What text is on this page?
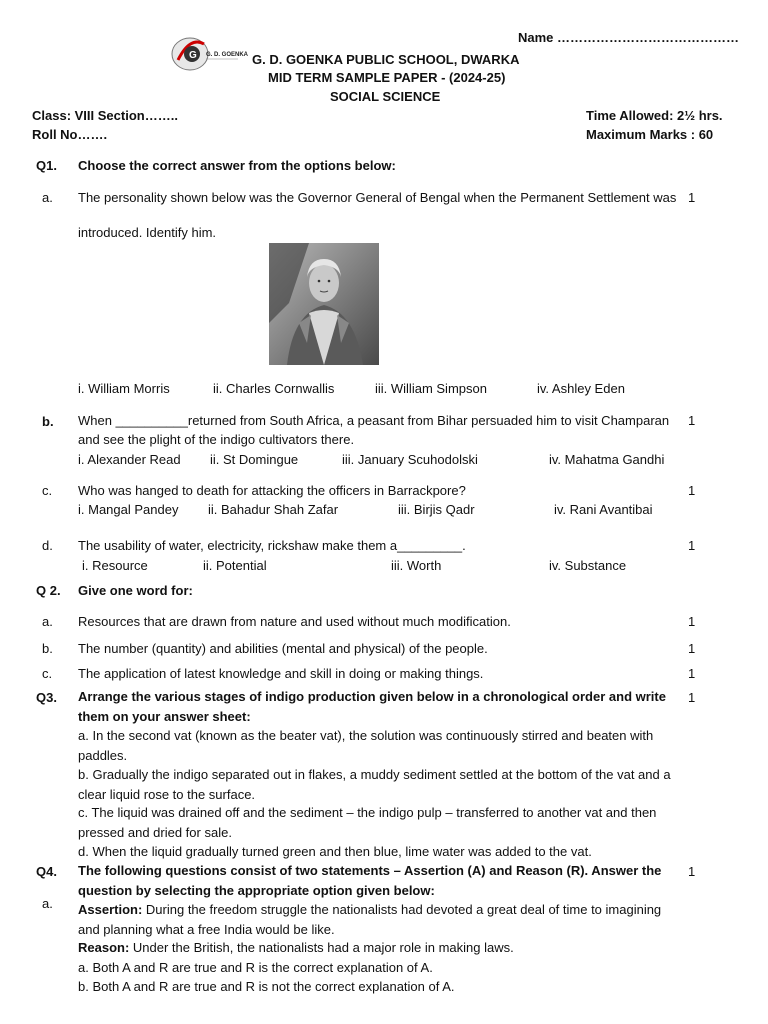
Name ……………………………………
G G. D. GOENKA G. D. GOENKA PUBLIC SCHOOL, DWARKA
MID TERM SAMPLE PAPER - (2024-25)
SOCIAL SCIENCE
Class: VIII Section……..
Roll No…….
Time Allowed: 2½ hrs.
Maximum Marks : 60
Q1. Choose the correct answer from the options below:
a. The personality shown below was the Governor General of Bengal when the Permanent Settlement was 1
introduced. Identify him.
i. William Morris	ii. Charles Cornwallis	iii. William Simpson	iv. Ashley Eden
b. When __________returned from South Africa, a peasant from Bihar persuaded him to visit Champaran 1
and see the plight of the indigo cultivators there.
i. Alexander Read ii. St Domingue	iii. January Scuhodolski	iv. Mahatma Gandhi
c. Who was hanged to death for attacking the officers in Barrackpore?	1
i. Mangal Pandey ii. Bahadur Shah Zafar	iii. Birjis Qadr	iv. Rani Avantibai
d. The usability of water, electricity, rickshaw make them a_________.	1
i. Resource	ii. Potential	iii. Worth	iv. Substance
Q 2. Give one word for:
a. Resources that are drawn from nature and used without much modification.	1
b. The number (quantity) and abilities (mental and physical) of the people.	1
c. The application of latest knowledge and skill in doing or making things.	1
Q3. Arrange the various stages of indigo production given below in a chronological order and write them on your answer sheet:
1
a. In the second vat (known as the beater vat), the solution was continuously stirred and beaten with paddles.
b. Gradually the indigo separated out in flakes, a muddy sediment settled at the bottom of the vat and a clear liquid rose to the surface.
c. The liquid was drained off and the sediment – the indigo pulp – transferred to another vat and then pressed and dried for sale.
d. When the liquid gradually turned green and then blue, lime water was added to the vat.
Q4. The following questions consist of two statements – Assertion (A) and Reason (R). Answer the question by selecting the appropriate option given below:
1
a. Assertion: During the freedom struggle the nationalists had devoted a great deal of time to imagining and planning what a free India would be like.
Reason: Under the British, the nationalists had a major role in making laws.
a. Both A and R are true and R is the correct explanation of A.
b. Both A and R are true and R is not the correct explanation of A.
